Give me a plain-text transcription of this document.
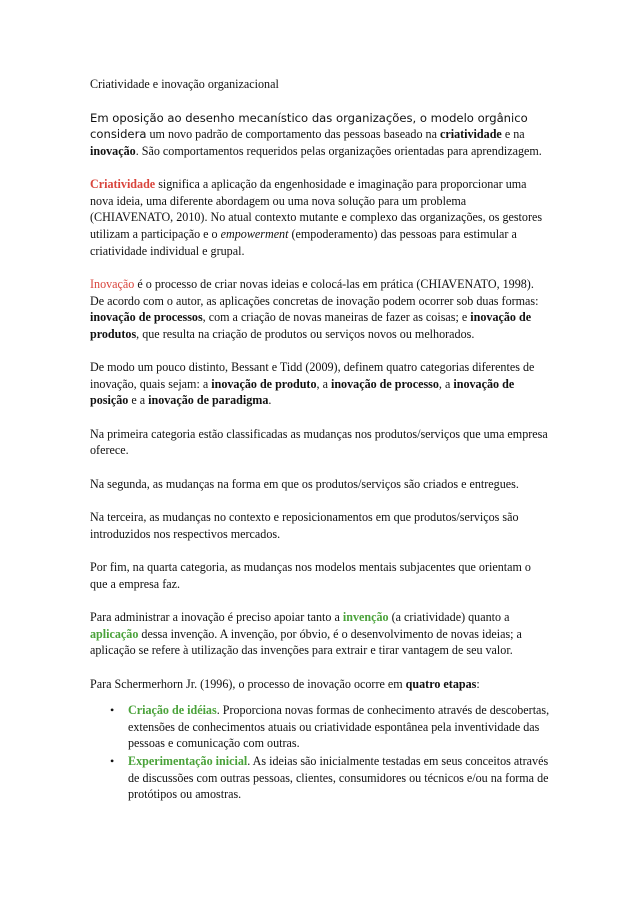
Criatividade e inovação organizacional

Em oposição ao desenho mecanístico das organizações, o modelo orgânico considera um novo padrão de comportamento das pessoas baseado na criatividade e na inovação. São comportamentos requeridos pelas organizações orientadas para aprendizagem.

Criatividade significa a aplicação da engenhosidade e imaginação para proporcionar uma nova ideia, uma diferente abordagem ou uma nova solução para um problema (CHIAVENATO, 2010). No atual contexto mutante e complexo das organizações, os gestores utilizam a participação e o empowerment (empoderamento) das pessoas para estimular a criatividade individual e grupal.

Inovação é o processo de criar novas ideias e colocá-las em prática (CHIAVENATO, 1998). De acordo com o autor, as aplicações concretas de inovação podem ocorrer sob duas formas: inovação de processos, com a criação de novas maneiras de fazer as coisas; e inovação de produtos, que resulta na criação de produtos ou serviços novos ou melhorados.

De modo um pouco distinto, Bessant e Tidd (2009), definem quatro categorias diferentes de inovação, quais sejam: a inovação de produto, a inovação de processo, a inovação de posição e a inovação de paradigma.

Na primeira categoria estão classificadas as mudanças nos produtos/serviços que uma empresa oferece.

Na segunda, as mudanças na forma em que os produtos/serviços são criados e entregues.

Na terceira, as mudanças no contexto e reposicionamentos em que produtos/serviços são introduzidos nos respectivos mercados.

Por fim, na quarta categoria, as mudanças nos modelos mentais subjacentes que orientam o que a empresa faz.

Para administrar a inovação é preciso apoiar tanto a invenção (a criatividade) quanto a aplicação dessa invenção. A invenção, por óbvio, é o desenvolvimento de novas ideias; a aplicação se refere à utilização das invenções para extrair e tirar vantagem de seu valor.

Para Schermerhorn Jr. (1996), o processo de inovação ocorre em quatro etapas:

• Criação de idéias. Proporciona novas formas de conhecimento através de descobertas, extensões de conhecimentos atuais ou criatividade espontânea pela inventividade das pessoas e comunicação com outras.
• Experimentação inicial. As ideias são inicialmente testadas em seus conceitos através de discussões com outras pessoas, clientes, consumidores ou técnicos e/ou na forma de protótipos ou amostras.
